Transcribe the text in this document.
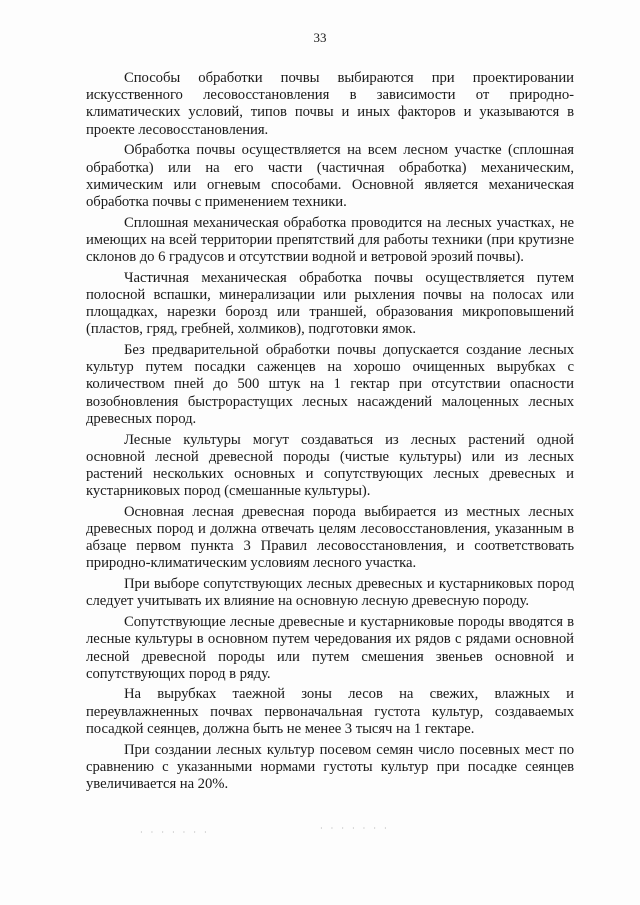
33

Способы обработки почвы выбираются при проектировании искусственного лесовосстановления в зависимости от природно-климатических условий, типов почвы и иных факторов и указываются в проекте лесовосстановления.

Обработка почвы осуществляется на всем лесном участке (сплошная обработка) или на его части (частичная обработка) механическим, химическим или огневым способами. Основной является механическая обработка почвы с применением техники.

Сплошная механическая обработка проводится на лесных участках, не имеющих на всей территории препятствий для работы техники (при крутизне склонов до 6 градусов и отсутствии водной и ветровой эрозий почвы).

Частичная механическая обработка почвы осуществляется путем полосной вспашки, минерализации или рыхления почвы на полосах или площадках, нарезки борозд или траншей, образования микроповышений (пластов, гряд, гребней, холмиков), подготовки ямок.

Без предварительной обработки почвы допускается создание лесных культур путем посадки саженцев на хорошо очищенных вырубках с количеством пней до 500 штук на 1 гектар при отсутствии опасности возобновления быстрорастущих лесных насаждений малоценных лесных древесных пород.

Лесные культуры могут создаваться из лесных растений одной основной лесной древесной породы (чистые культуры) или из лесных растений нескольких основных и сопутствующих лесных древесных и кустарниковых пород (смешанные культуры).

Основная лесная древесная порода выбирается из местных лесных древесных пород и должна отвечать целям лесовосстановления, указанным в абзаце первом пункта 3 Правил лесовосстановления, и соответствовать природно-климатическим условиям лесного участка.

При выборе сопутствующих лесных древесных и кустарниковых пород следует учитывать их влияние на основную лесную древесную породу.

Сопутствующие лесные древесные и кустарниковые породы вводятся в лесные культуры в основном путем чередования их рядов с рядами основной лесной древесной породы или путем смешения звеньев основной и сопутствующих пород в ряду.

На вырубках таежной зоны лесов на свежих, влажных и переувлажненных почвах первоначальная густота культур, создаваемых посадкой сеянцев, должна быть не менее 3 тысяч на 1 гектаре.

При создании лесных культур посевом семян число посевных мест по сравнению с указанными нормами густоты культур при посадке сеянцев увеличивается на 20%.

· · · · · · ·	· · · · · · ·
